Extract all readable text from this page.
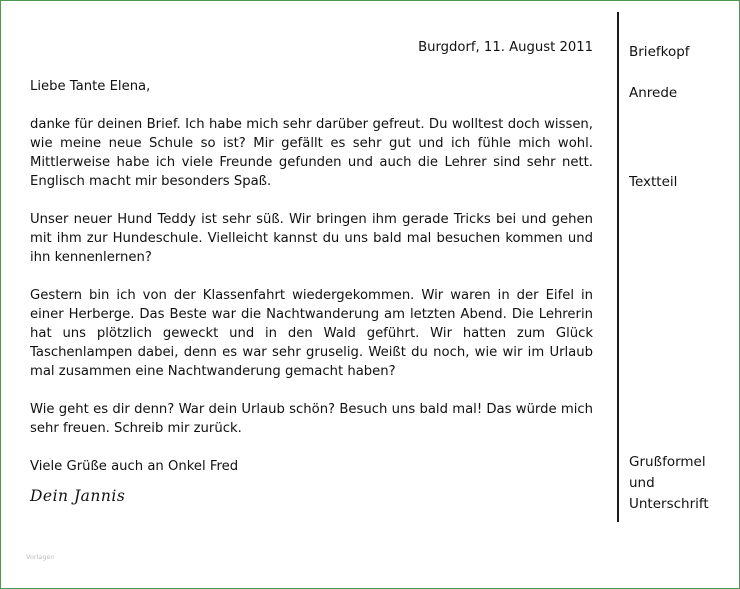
Burgdorf, 11. August 2011

Liebe Tante Elena,

danke für deinen Brief. Ich habe mich sehr darüber gefreut. Du wolltest doch wissen, wie meine neue Schule so ist? Mir gefällt es sehr gut und ich fühle mich wohl. Mittlerweise habe ich viele Freunde gefunden und auch die Lehrer sind sehr nett. Englisch macht mir besonders Spaß.

Unser neuer Hund Teddy ist sehr süß. Wir bringen ihm gerade Tricks bei und gehen mit ihm zur Hundeschule. Vielleicht kannst du uns bald mal besuchen kommen und ihn kennenlernen?

Gestern bin ich von der Klassenfahrt wiedergekommen. Wir waren in der Eifel in einer Herberge. Das Beste war die Nachtwanderung am letzten Abend. Die Lehrerin hat uns plötzlich geweckt und in den Wald geführt. Wir hatten zum Glück Taschenlampen dabei, denn es war sehr gruselig. Weißt du noch, wie wir im Urlaub mal zusammen eine Nachtwanderung gemacht haben?

Wie geht es dir denn? War dein Urlaub schön? Besuch uns bald mal! Das würde mich sehr freuen. Schreib mir zurück.

Viele Grüße auch an Onkel Fred

Dein Jannis

Briefkopf
Anrede
Textteil
Grußformel
und
Unterschrift
Vorlagen
